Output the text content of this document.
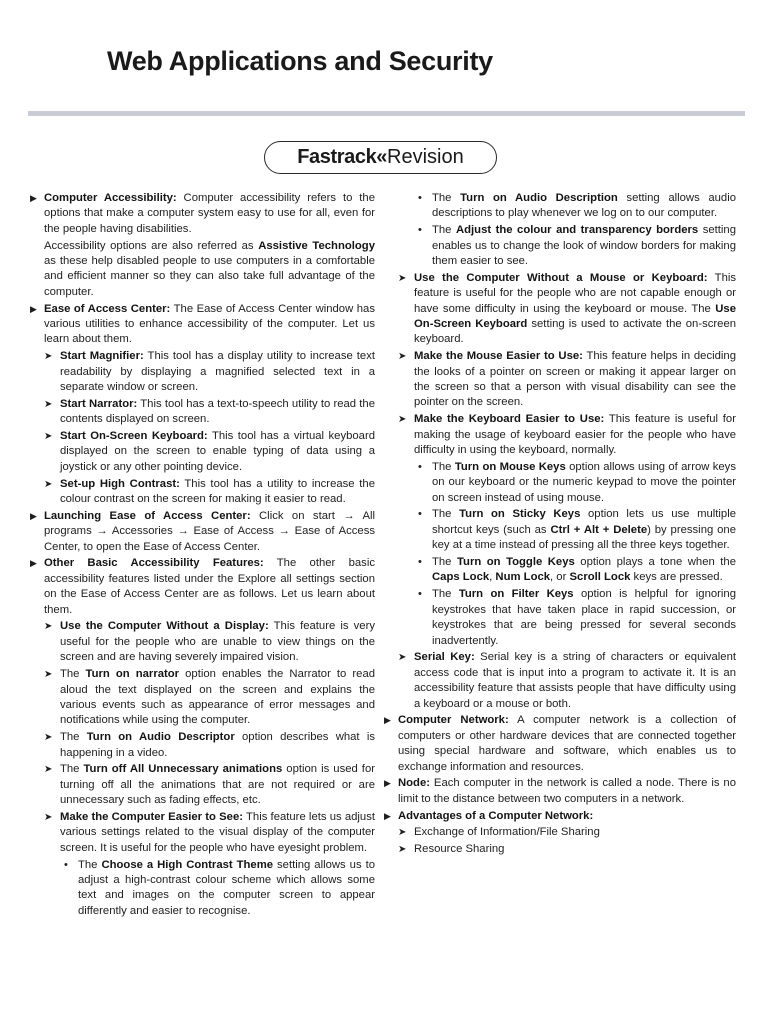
Web Applications and Security
Fastrack« Revision
▶ Computer Accessibility: Computer accessibility refers to the options that make a computer system easy to use for all, even for the people having disabilities.
Accessibility options are also referred as Assistive Technology as these help disabled people to use computers in a comfortable and efficient manner so they can also take full advantage of the computer.
▶ Ease of Access Center: The Ease of Access Center window has various utilities to enhance accessibility of the computer. Let us learn about them.
➤ Start Magnifier: This tool has a display utility to increase text readability by displaying a magnified selected text in a separate window or screen.
➤ Start Narrator: This tool has a text-to-speech utility to read the contents displayed on screen.
➤ Start On-Screen Keyboard: This tool has a virtual keyboard displayed on the screen to enable typing of data using a joystick or any other pointing device.
➤ Set-up High Contrast: This tool has a utility to increase the colour contrast on the screen for making it easier to read.
▶ Launching Ease of Access Center: Click on start → All programs → Accessories → Ease of Access → Ease of Access Center, to open the Ease of Access Center.
▶ Other Basic Accessibility Features: The other basic accessibility features listed under the Explore all settings section on the Ease of Access Center are as follows. Let us learn about them.
➤ Use the Computer Without a Display: This feature is very useful for the people who are unable to view things on the screen and are having severely impaired vision.
➤ The Turn on narrator option enables the Narrator to read aloud the text displayed on the screen and explains the various events such as appearance of error messages and notifications while using the computer.
➤ The Turn on Audio Descriptor option describes what is happening in a video.
➤ The Turn off All Unnecessary animations option is used for turning off all the animations that are not required or are unnecessary such as fading effects, etc.
➤ Make the Computer Easier to See: This feature lets us adjust various settings related to the visual display of the computer screen. It is useful for the people who have eyesight problem.
• The Choose a High Contrast Theme setting allows us to adjust a high-contrast colour scheme which allows some text and images on the computer screen to appear differently and easier to recognise.
• The Turn on Audio Description setting allows audio descriptions to play whenever we log on to our computer.
• The Adjust the colour and transparency borders setting enables us to change the look of window borders for making them easier to see.
➤ Use the Computer Without a Mouse or Keyboard: This feature is useful for the people who are not capable enough or have some difficulty in using the keyboard or mouse. The Use On-Screen Keyboard setting is used to activate the on-screen keyboard.
➤ Make the Mouse Easier to Use: This feature helps in deciding the looks of a pointer on screen or making it appear larger on the screen so that a person with visual disability can see the pointer on the screen.
➤ Make the Keyboard Easier to Use: This feature is useful for making the usage of keyboard easier for the people who have difficulty in using the keyboard, normally.
• The Turn on Mouse Keys option allows using of arrow keys on our keyboard or the numeric keypad to move the pointer on screen instead of using mouse.
• The Turn on Sticky Keys option lets us use multiple shortcut keys (such as Ctrl + Alt + Delete) by pressing one key at a time instead of pressing all the three keys together.
• The Turn on Toggle Keys option plays a tone when the Caps Lock, Num Lock, or Scroll Lock keys are pressed.
• The Turn on Filter Keys option is helpful for ignoring keystrokes that have taken place in rapid succession, or keystrokes that are being pressed for several seconds inadvertently.
➤ Serial Key: Serial key is a string of characters or equivalent access code that is input into a program to activate it. It is an accessibility feature that assists people that have difficulty using a keyboard or a mouse or both.
▶ Computer Network: A computer network is a collection of computers or other hardware devices that are connected together using special hardware and software, which enables us to exchange information and resources.
▶ Node: Each computer in the network is called a node. There is no limit to the distance between two computers in a network.
▶ Advantages of a Computer Network:
➤ Exchange of Information/File Sharing
➤ Resource Sharing
